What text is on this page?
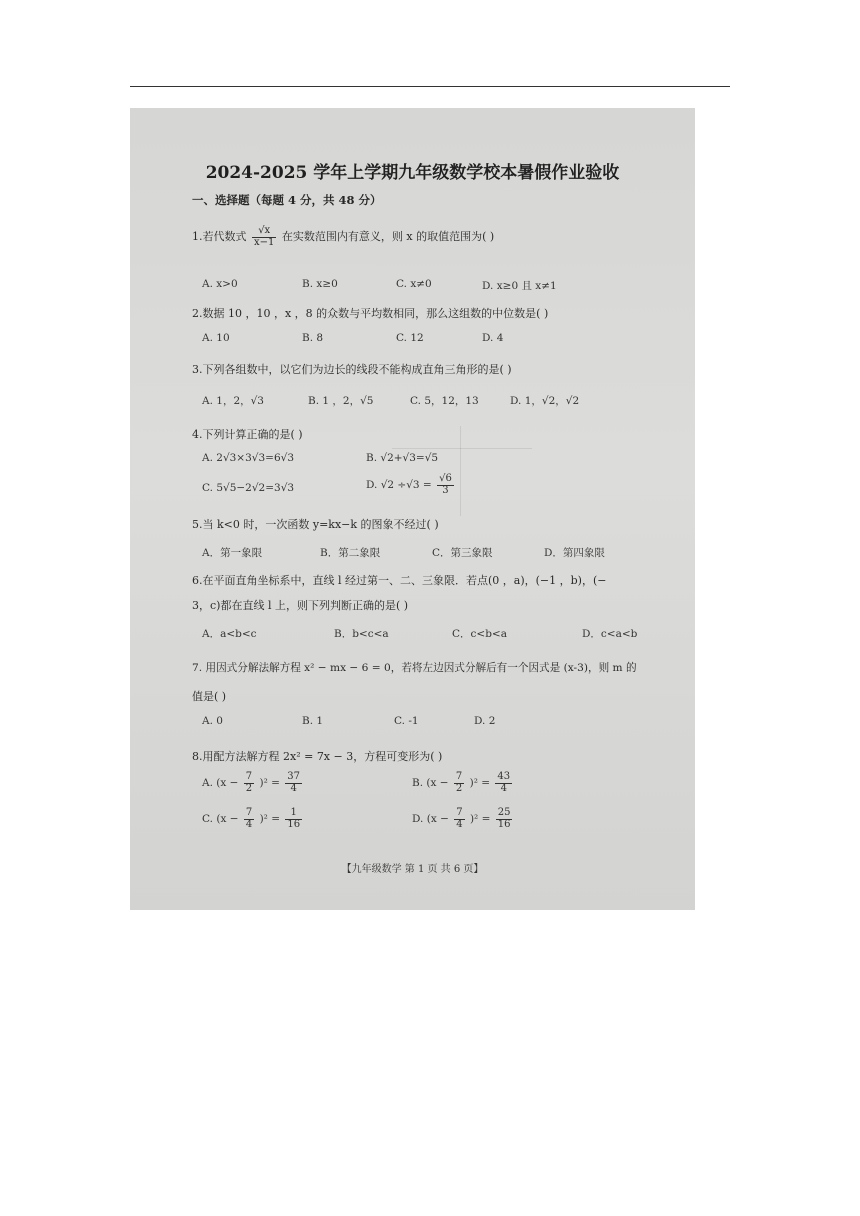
2024-2025 学年上学期九年级数学校本暑假作业验收
一、选择题（每题 4 分，共 48 分）
1.若代数式 $\frac{√x}{x-1}$ 在实数范围内有意义，则 x 的取值范围为( )
A. x>0	B. x≥0	C. x≠0	D. x≥0 且 x≠1
2.数据 10 ，10 ，x ，8 的众数与平均数相同，那么这组数的中位数是( )
A. 10	B. 8	C. 12	D. 4
3.下列各组数中，以它们为边长的线段不能构成直角三角形的是( )
A. 1，2，√3	B. 1 ，2，√5	C. 5，12，13	D. 1，√2，√2
4.下列计算正确的是( )
A. 2√3×3√3=6√3	B. √2+√3=√5
C. 5√5−2√2=3√3	D. $√2 \div√3 = \frac{√6}{3}$
5.当 k<0 时，一次函数 y=kx−k 的图象不经过( )
A．第一象限	B．第二象限	C．第三象限	D．第四象限
6.在平面直角坐标系中，直线 l 经过第一、二、三象限．若点(0 ，a)，(−1 ，b)，(−
3，c)都在直线 l 上，则下列判断正确的是( )
A．a<b<c	B．b<c<a	C．c<b<a	D．c<a<b
7. 用因式分解法解方程 x² − mx − 6 = 0，若将左边因式分解后有一个因式是 (x-3)，则 m 的
值是( )
A. 0	B. 1	C. -1	D. 2
8.用配方法解方程 2x² = 7x − 3，方程可变形为( )
A. $(x - \frac{7}{2} )^2 = \frac{37}{4}$	B. $(x - \frac{7}{2} )^2 = \frac{43}{4}$
C. $(x - \frac{7}{4} )^2 = \frac{1}{16}$	D. $(x - \frac{7}{4} )^2 = \frac{25}{16}$
【九年级数学 第 1 页 共 6 页】
